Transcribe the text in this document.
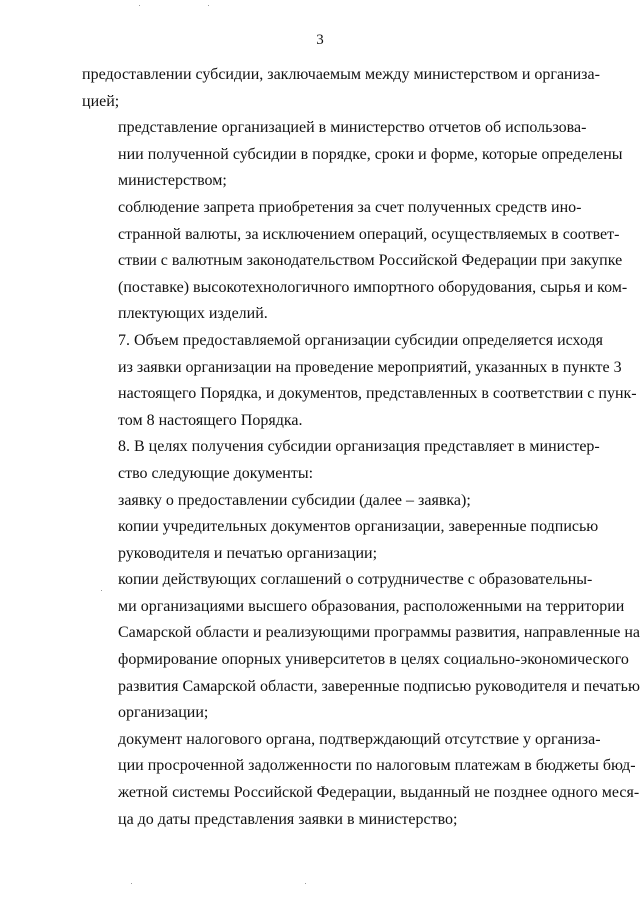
3

предоставлении субсидии, заключаемым между министерством и организа-
цией;

представление организацией в министерство отчетов об использова-
нии полученной субсидии в порядке, сроки и форме, которые определены
министерством;

соблюдение запрета приобретения за счет полученных средств ино-
странной валюты, за исключением операций, осуществляемых в соответ-
ствии с валютным законодательством Российской Федерации при закупке
(поставке) высокотехнологичного импортного оборудования, сырья и ком-
плектующих изделий.

7. Объем предоставляемой организации субсидии определяется исходя
из заявки организации на проведение мероприятий, указанных в пункте 3
настоящего Порядка, и документов, представленных в соответствии с пунк-
том 8 настоящего Порядка.

8. В целях получения субсидии организация представляет в министер-
ство следующие документы:

заявку о предоставлении субсидии (далее – заявка);

копии учредительных документов организации, заверенные подписью
руководителя и печатью организации;

копии действующих соглашений о сотрудничестве с образовательны-
ми организациями высшего образования, расположенными на территории
Самарской области и реализующими программы развития, направленные на
формирование опорных университетов в целях социально-экономического
развития Самарской области, заверенные подписью руководителя и печатью
организации;

документ налогового органа, подтверждающий отсутствие у организа-
ции просроченной задолженности по налоговым платежам в бюджеты бюд-
жетной системы Российской Федерации, выданный не позднее одного меся-
ца до даты представления заявки в министерство;
